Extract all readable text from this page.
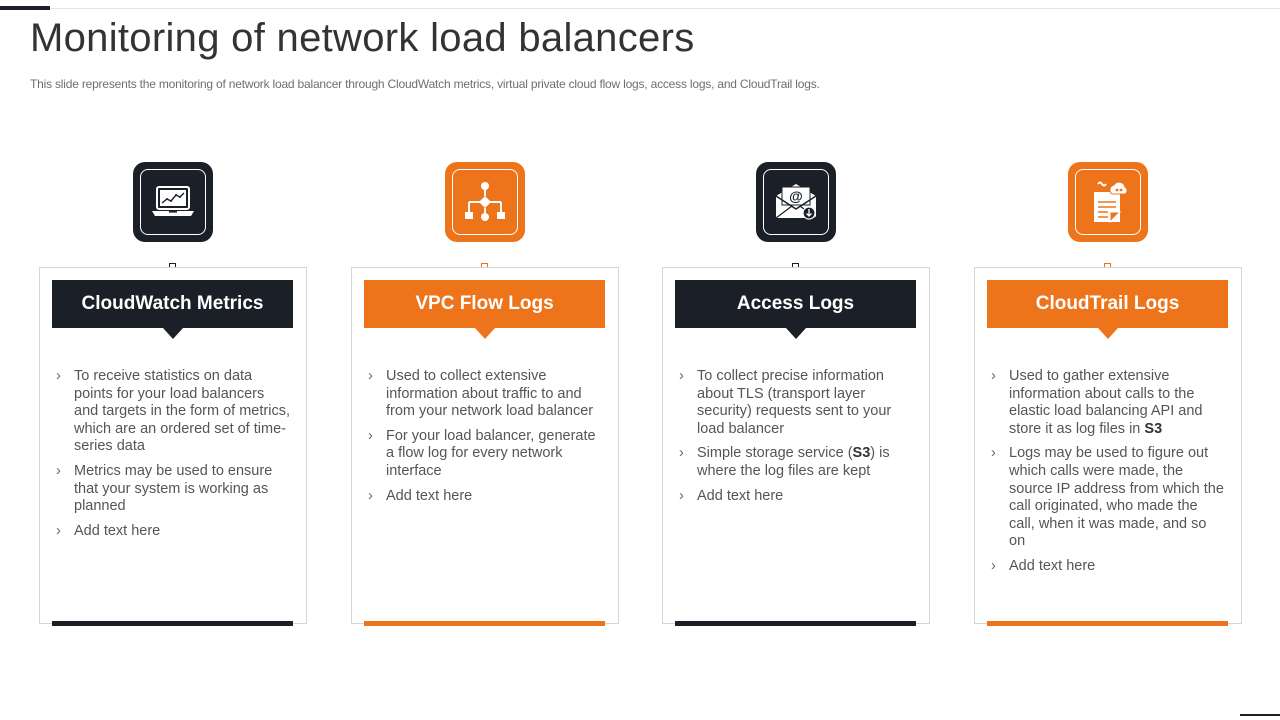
Monitoring of network load balancers

This slide represents the monitoring of network load balancer through CloudWatch metrics, virtual private cloud flow logs, access logs, and CloudTrail logs.

CloudWatch Metrics
› To receive statistics on data points for your load balancers and targets in the form of metrics, which are an ordered set of time-series data
› Metrics may be used to ensure that your system is working as planned
› Add text here
VPC Flow Logs
› Used to collect extensive information about traffic to and from your network load balancer
› For your load balancer, generate a flow log for every network interface
› Add text here
@
Access Logs
› To collect precise information about TLS (transport layer security) requests sent to your load balancer
› Simple storage service (S3) is where the log files are kept
› Add text here
CloudTrail Logs
› Used to gather extensive information about calls to the elastic load balancing API and store it as log files in S3
› Logs may be used to figure out which calls were made, the source IP address from which the call originated, who made the call, when it was made, and so on
› Add text here
